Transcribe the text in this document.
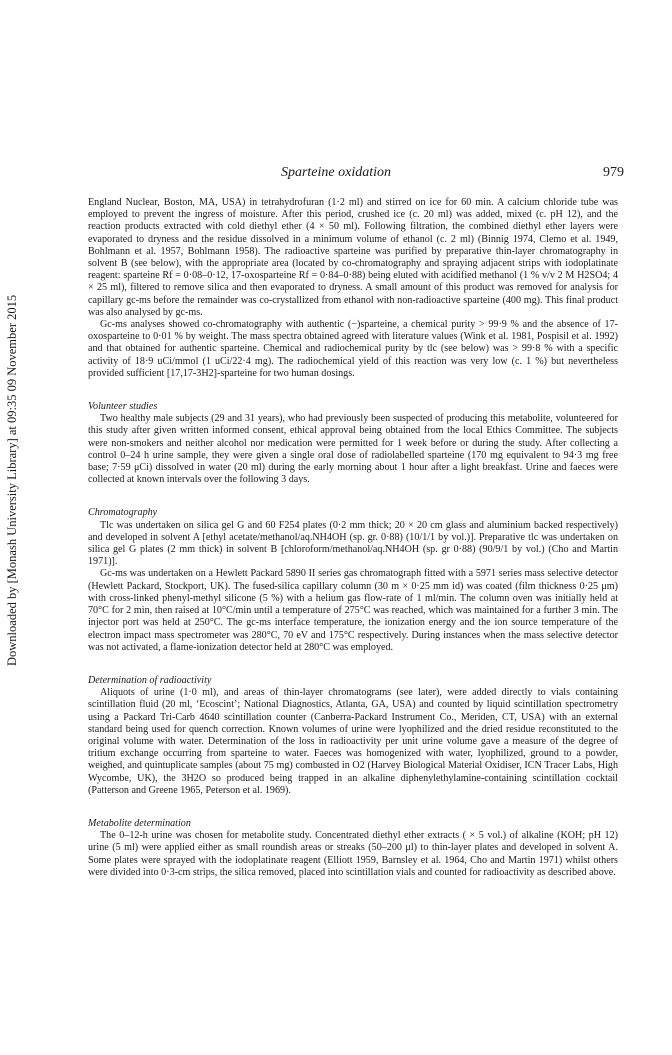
Sparteine oxidation	979
Downloaded by [Monash University Library] at 09:35 09 November 2015

England Nuclear, Boston, MA, USA) in tetrahydrofuran (1·2 ml) and stirred on ice for 60 min. A calcium chloride tube was employed to prevent the ingress of moisture. After this period, crushed ice (c. 20 ml) was added, mixed (c. pH 12), and the reaction products extracted with cold diethyl ether (4 × 50 ml). Following filtration, the combined diethyl ether layers were evaporated to dryness and the residue dissolved in a minimum volume of ethanol (c. 2 ml) (Binnig 1974, Clemo et al. 1949, Bohlmann et al. 1957, Bohlmann 1958). The radioactive sparteine was purified by preparative thin-layer chromatography in solvent B (see below), with the appropriate area (located by co-chromatography and spraying adjacent strips with iodoplatinate reagent: sparteine Rf = 0·08–0·12, 17-oxosparteine Rf = 0·84–0·88) being eluted with acidified methanol (1 % v/v 2 M H2SO4; 4 × 25 ml), filtered to remove silica and then evaporated to dryness. A small amount of this product was removed for analysis for capillary gc-ms before the remainder was co-crystallized from ethanol with non-radioactive sparteine (400 mg). This final product was also analysed by gc-ms.

Gc-ms analyses showed co-chromatography with authentic (−)sparteine, a chemical purity > 99·9 % and the absence of 17-oxosparteine to 0·01 % by weight. The mass spectra obtained agreed with literature values (Wink et al. 1981, Pospisil et al. 1992) and that obtained for authentic sparteine. Chemical and radiochemical purity by tlc (see below) was > 99·8 % with a specific activity of 18·9 uCi/mmol (1 uCi/22·4 mg). The radiochemical yield of this reaction was very low (c. 1 %) but nevertheless provided sufficient [17,17-3H2]-sparteine for two human dosings.

Volunteer studies

Two healthy male subjects (29 and 31 years), who had previously been suspected of producing this metabolite, volunteered for this study after given written informed consent, ethical approval being obtained from the local Ethics Committee. The subjects were non-smokers and neither alcohol nor medication were permitted for 1 week before or during the study. After collecting a control 0–24 h urine sample, they were given a single oral dose of radiolabelled sparteine (170 mg equivalent to 94·3 mg free base; 7·59 μCi) dissolved in water (20 ml) during the early morning about 1 hour after a light breakfast. Urine and faeces were collected at known intervals over the following 3 days.

Chromatography

Tlc was undertaken on silica gel G and 60 F254 plates (0·2 mm thick; 20 × 20 cm glass and aluminium backed respectively) and developed in solvent A [ethyl acetate/methanol/aq.NH4OH (sp. gr. 0·88) (10/1/1 by vol.)]. Preparative tlc was undertaken on silica gel G plates (2 mm thick) in solvent B [chloroform/methanol/aq.NH4OH (sp. gr 0·88) (90/9/1 by vol.) (Cho and Martin 1971)].

Gc-ms was undertaken on a Hewlett Packard 5890 II series gas chromatograph fitted with a 5971 series mass selective detector (Hewlett Packard, Stockport, UK). The fused-silica capillary column (30 m × 0·25 mm id) was coated (film thickness 0·25 μm) with cross-linked phenyl-methyl silicone (5 %) with a helium gas flow-rate of 1 ml/min. The column oven was initially held at 70°C for 2 min, then raised at 10°C/min until a temperature of 275°C was reached, which was maintained for a further 3 min. The injector port was held at 250°C. The gc-ms interface temperature, the ionization energy and the ion source temperature of the electron impact mass spectrometer was 280°C, 70 eV and 175°C respectively. During instances when the mass selective detector was not activated, a flame-ionization detector held at 280°C was employed.

Determination of radioactivity

Aliquots of urine (1·0 ml), and areas of thin-layer chromatograms (see later), were added directly to vials containing scintillation fluid (20 ml, ‘Ecoscint’; National Diagnostics, Atlanta, GA, USA) and counted by liquid scintillation spectrometry using a Packard Tri-Carb 4640 scintillation counter (Canberra-Packard Instrument Co., Meriden, CT, USA) with an external standard being used for quench correction. Known volumes of urine were lyophilized and the dried residue reconstituted to the original volume with water. Determination of the loss in radioactivity per unit urine volume gave a measure of the degree of tritium exchange occurring from sparteine to water. Faeces was homogenized with water, lyophilized, ground to a powder, weighed, and quintuplicate samples (about 75 mg) combusted in O2 (Harvey Biological Material Oxidiser, ICN Tracer Labs, High Wycombe, UK), the 3H2O so produced being trapped in an alkaline diphenylethylamine-containing scintillation cocktail (Patterson and Greene 1965, Peterson et al. 1969).

Metabolite determination

The 0–12-h urine was chosen for metabolite study. Concentrated diethyl ether extracts ( × 5 vol.) of alkaline (KOH; pH 12) urine (5 ml) were applied either as small roundish areas or streaks (50–200 μl) to thin-layer plates and developed in solvent A. Some plates were sprayed with the iodoplatinate reagent (Elliott 1959, Barnsley et al. 1964, Cho and Martin 1971) whilst others were divided into 0·3-cm strips, the silica removed, placed into scintillation vials and counted for radioactivity as described above.
